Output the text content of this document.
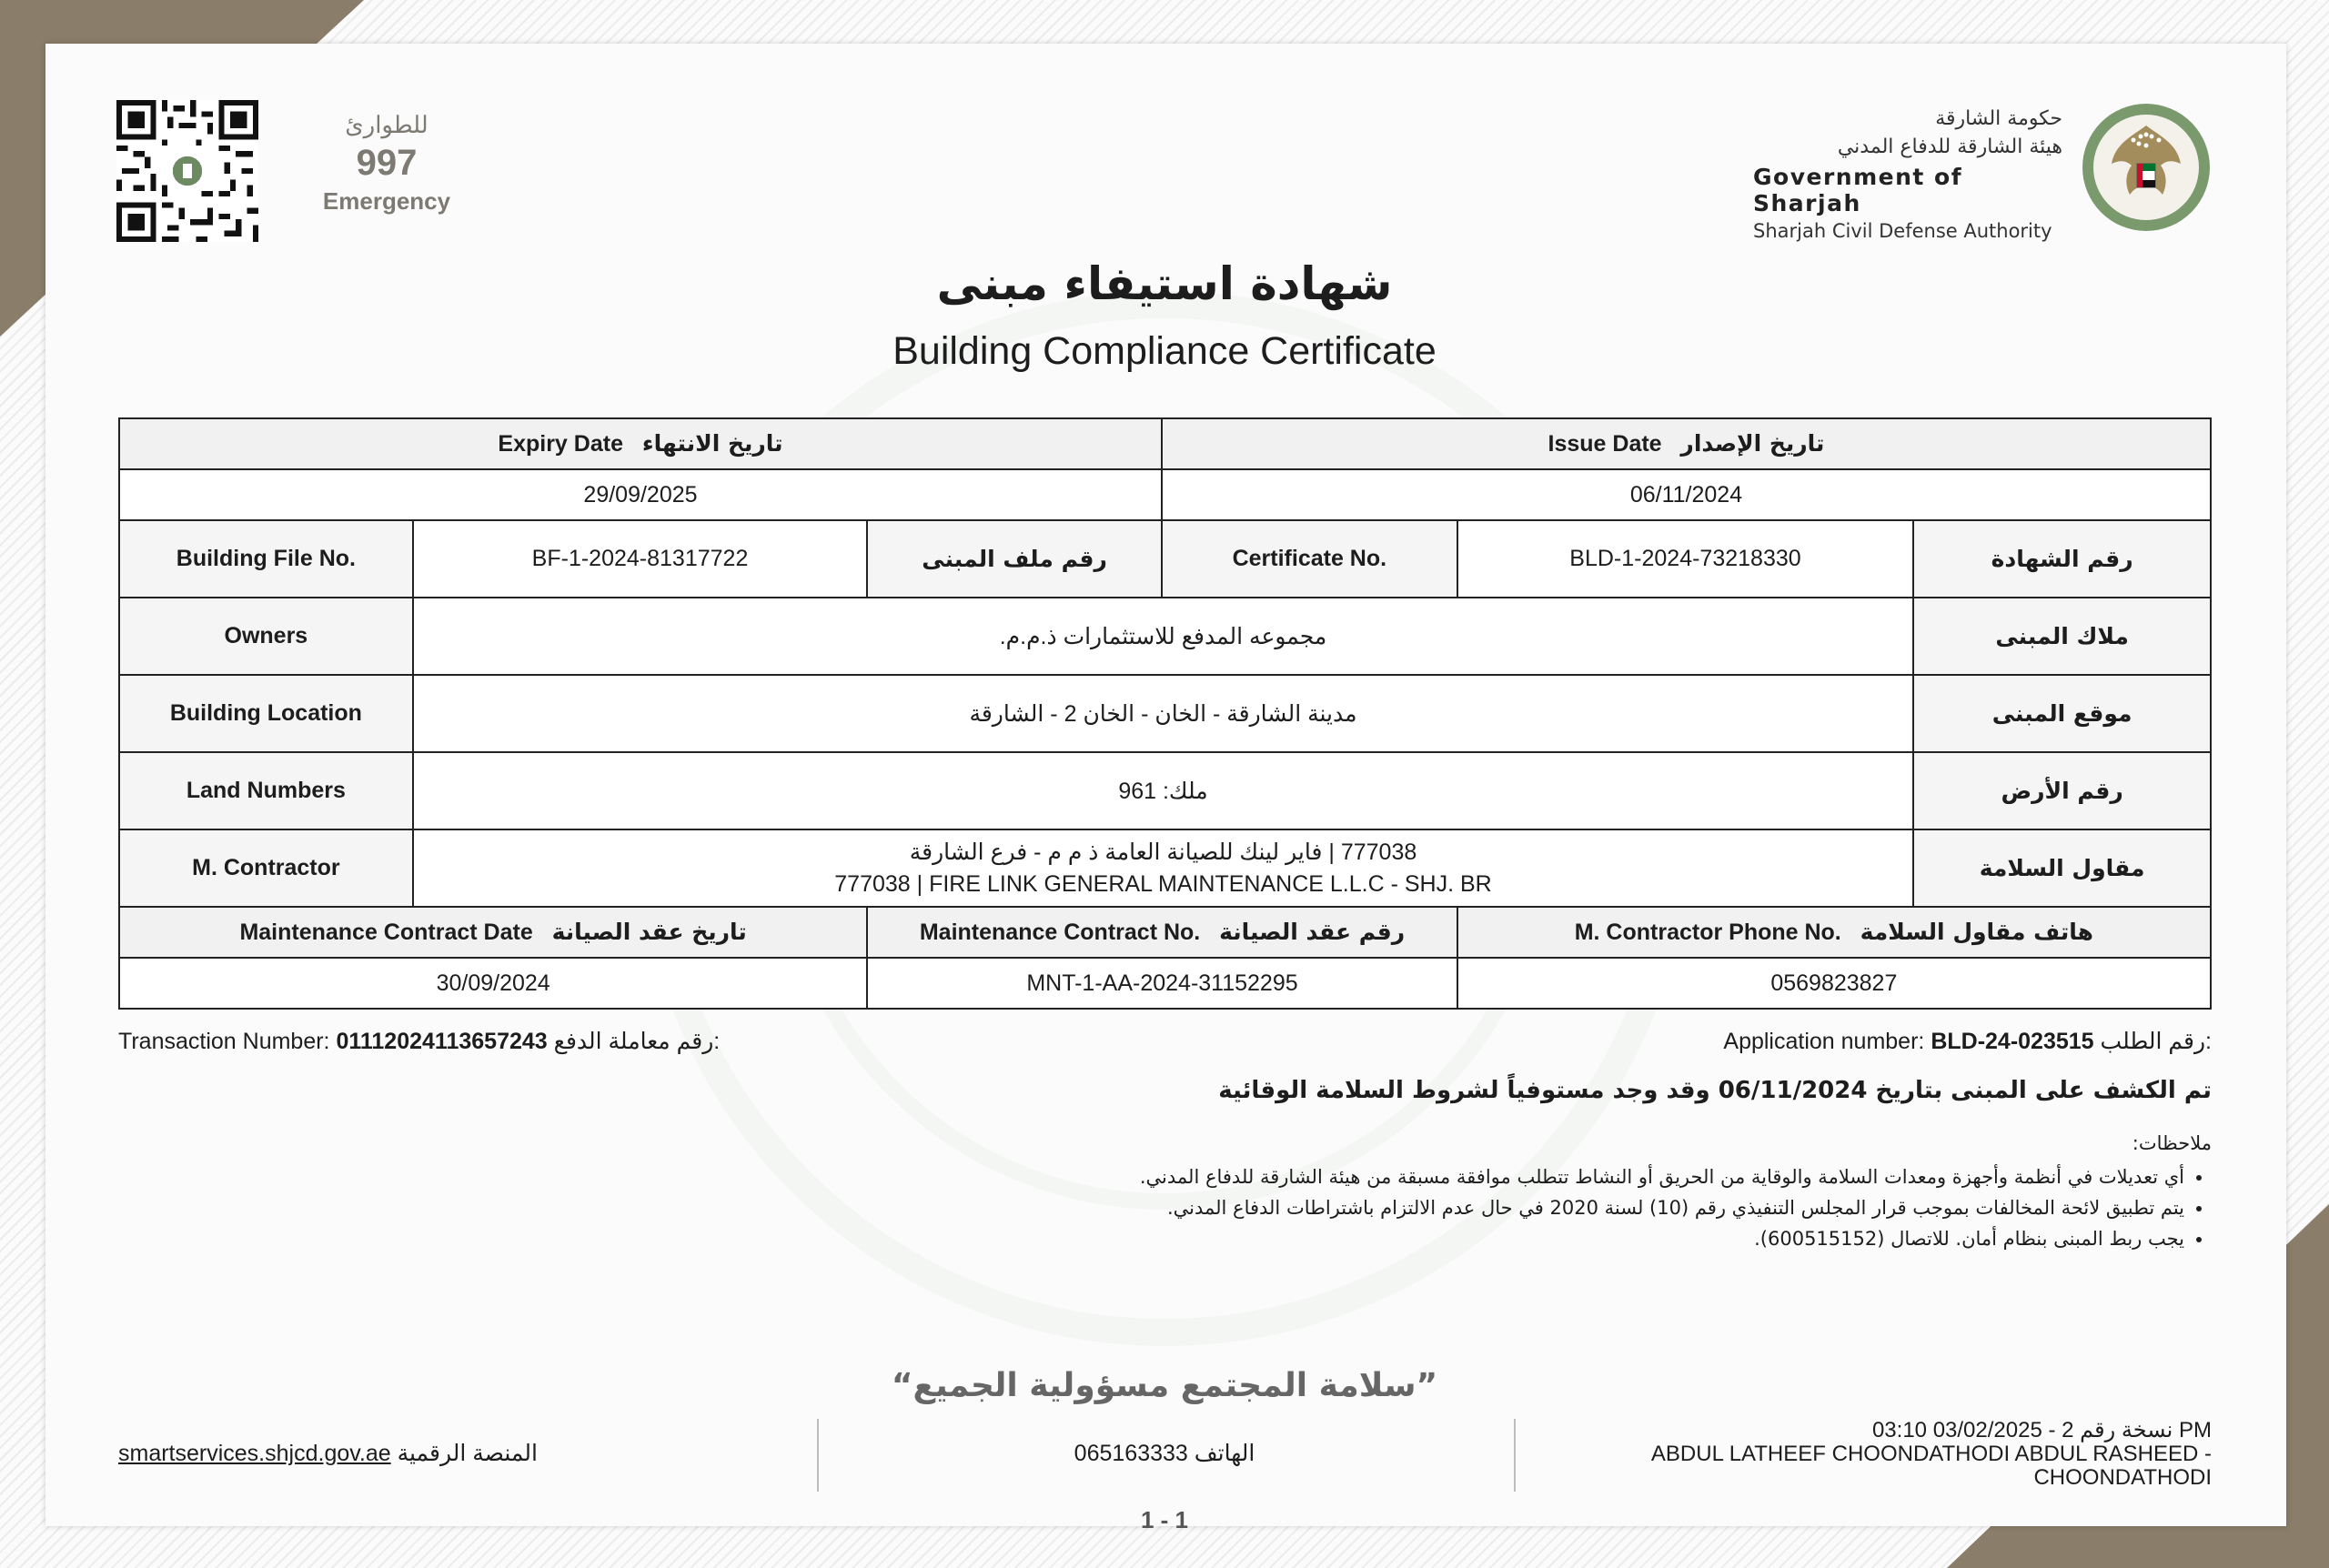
للطوارئ
997
Emergency
حكومة الشارقة
هيئة الشارقة للدفاع المدني
Government of Sharjah
Sharjah Civil Defense Authority
شهادة استيفاء مبنى
Building Compliance Certificate
Expiry Date تاريخ الانتهاء			Issue Date تاريخ الإصدار		
29/09/2025			06/11/2024		
Building File No.	BF-1-2024-81317722	رقم ملف المبنى	Certificate No.	BLD-1-2024-73218330	رقم الشهادة
Owners	مجموعه المدفع للاستثمارات ذ.م.م.				ملاك المبنى
Building Location	مدينة الشارقة - الخان - الخان 2 - الشارقة				موقع المبنى
Land Numbers	ملك: 961				رقم الأرض
M. Contractor	777038 | فاير لينك للصيانة العامة ذ م م - فرع الشارقة
777038 | FIRE LINK GENERAL MAINTENANCE L.L.C - SHJ. BR				مقاول السلامة
Maintenance Contract Date تاريخ عقد الصيانة		Maintenance Contract No. رقم عقد الصيانة		M. Contractor Phone No. هاتف مقاول السلامة	
30/09/2024		MNT-1-AA-2024-31152295		0569823827	
Transaction Number: 01112024113657243 رقم معاملة الدفع:	Application number: BLD-24-023515 رقم الطلب:
تم الكشف على المبنى بتاريخ 06/11/2024 وقد وجد مستوفياً لشروط السلامة الوقائية
ملاحظات:
• أي تعديلات في أنظمة وأجهزة ومعدات السلامة والوقاية من الحريق أو النشاط تتطلب موافقة مسبقة من هيئة الشارقة للدفاع المدني.
• يتم تطبيق لائحة المخالفات بموجب قرار المجلس التنفيذي رقم (10) لسنة 2020 في حال عدم الالتزام باشتراطات الدفاع المدني.
• يجب ربط المبنى بنظام أمان. للاتصال (600515152).
“سلامة المجتمع مسؤولية الجميع”
smartservices.shjcd.gov.ae المنصة الرقمية	الهاتف 065163333
نسخة رقم 2 - 03/02/2025 03:10 PM
ABDUL LATHEEF CHOONDATHODI ABDUL RASHEED -
CHOONDATHODI
1 - 1
